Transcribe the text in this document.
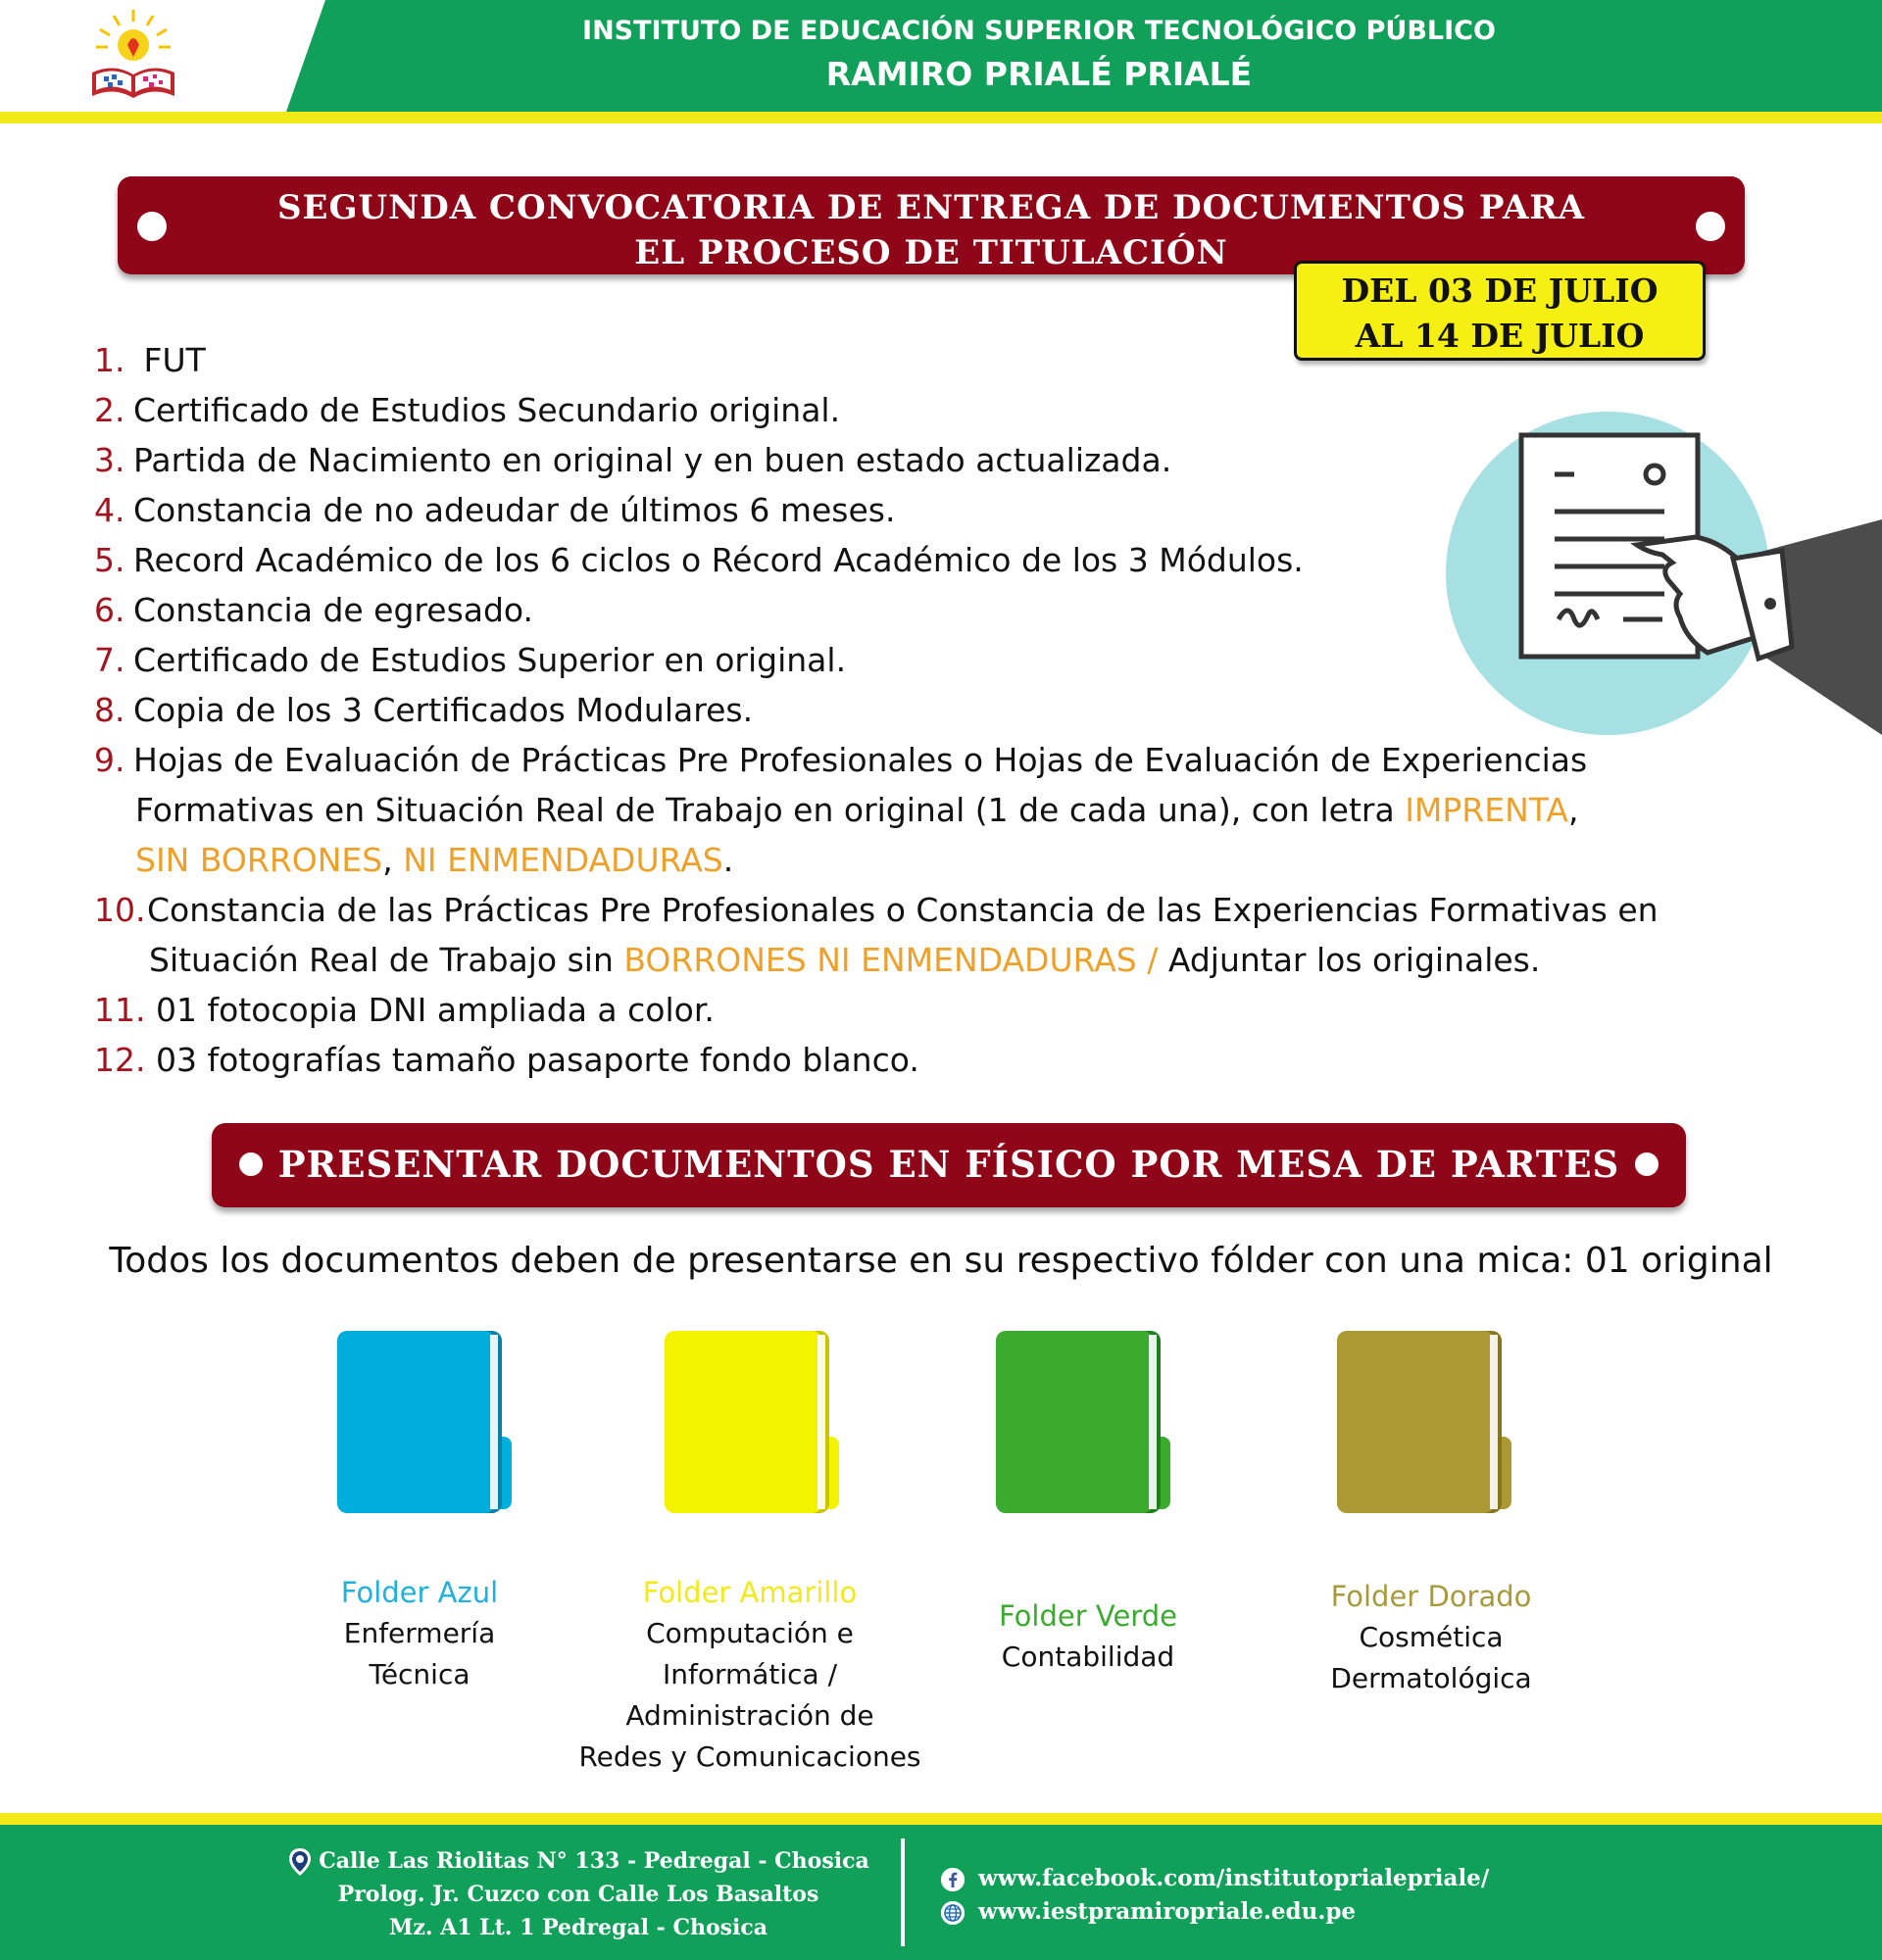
INSTITUTO DE EDUCACIÓN SUPERIOR TECNOLÓGICO PÚBLICO
RAMIRO PRIALÉ PRIALÉ
SEGUNDA CONVOCATORIA DE ENTREGA DE DOCUMENTOS PARA
EL PROCESO DE TITULACIÓN
DEL 03 DE JULIO
AL 14 DE JULIO
1. FUT
2. Certificado de Estudios Secundario original.
3. Partida de Nacimiento en original y en buen estado actualizada.
4. Constancia de no adeudar de últimos 6 meses.
5. Record Académico de los 6 ciclos o Récord Académico de los 3 Módulos.
6. Constancia de egresado.
7. Certificado de Estudios Superior en original.
8. Copia de los 3 Certificados Modulares.
9. Hojas de Evaluación de Prácticas Pre Profesionales o Hojas de Evaluación de Experiencias
Formativas en Situación Real de Trabajo en original (1 de cada una), con letra IMPRENTA,
SIN BORRONES, NI ENMENDADURAS.
10.Constancia de las Prácticas Pre Profesionales o Constancia de las Experiencias Formativas en
Situación Real de Trabajo sin BORRONES NI ENMENDADURAS / Adjuntar los originales.
11. 01 fotocopia DNI ampliada a color.
12. 03 fotografías tamaño pasaporte fondo blanco.
PRESENTAR DOCUMENTOS EN FÍSICO POR MESA DE PARTES
Todos los documentos deben de presentarse en su respectivo fólder con una mica: 01 original
Folder Azul
Enfermería
Técnica
Folder Amarillo
Computación e
Informática /
Administración de
Redes y Comunicaciones
Folder Verde
Contabilidad
Folder Dorado
Cosmética
Dermatológica
Calle Las Riolitas N° 133 - Pedregal - Chosica
Prolog. Jr. Cuzco con Calle Los Basaltos
Mz. A1 Lt. 1 Pedregal - Chosica
www.facebook.com/institutoprialepriale/
www.iestpramiropriale.edu.pe
